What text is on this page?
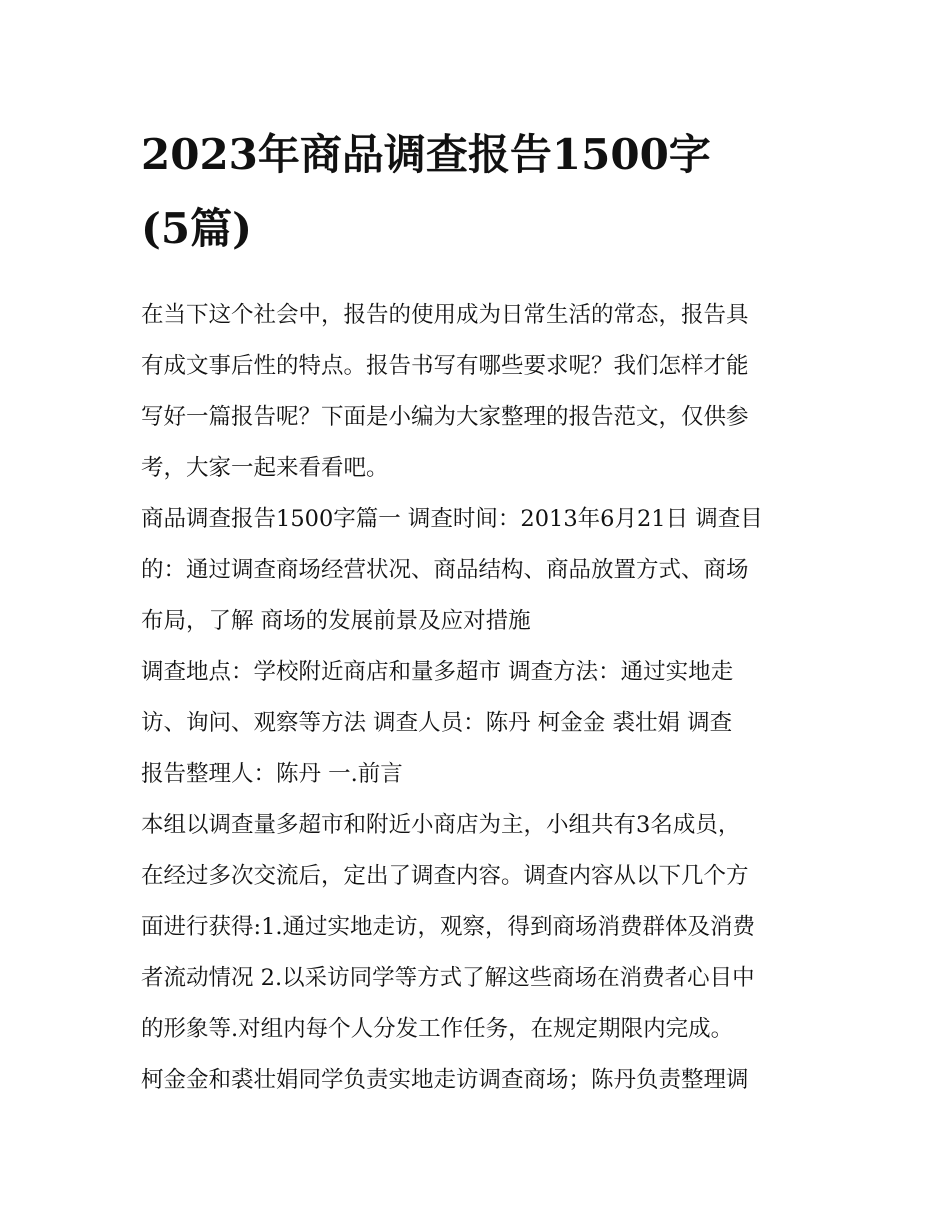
2023年商品调查报告1500字
(5篇)

在当下这个社会中，报告的使用成为日常生活的常态，报告具
有成文事后性的特点。报告书写有哪些要求呢？我们怎样才能
写好一篇报告呢？下面是小编为大家整理的报告范文，仅供参
考，大家一起来看看吧。

商品调查报告1500字篇一 调查时间：2013年6月21日 调查目
的：通过调查商场经营状况、商品结构、商品放置方式、商场
布局，了解 商场的发展前景及应对措施

调查地点：学校附近商店和量多超市 调查方法：通过实地走
访、询问、观察等方法 调查人员：陈丹 柯金金 裘壮娟 调查
报告整理人：陈丹 一.前言

本组以调查量多超市和附近小商店为主，小组共有3名成员，
在经过多次交流后，定出了调查内容。调查内容从以下几个方
面进行获得:1.通过实地走访，观察，得到商场消费群体及消费
者流动情况 2.以采访同学等方式了解这些商场在消费者心目中
的形象等.对组内每个人分发工作任务，在规定期限内完成。

柯金金和裘壮娟同学负责实地走访调查商场；陈丹负责整理调
